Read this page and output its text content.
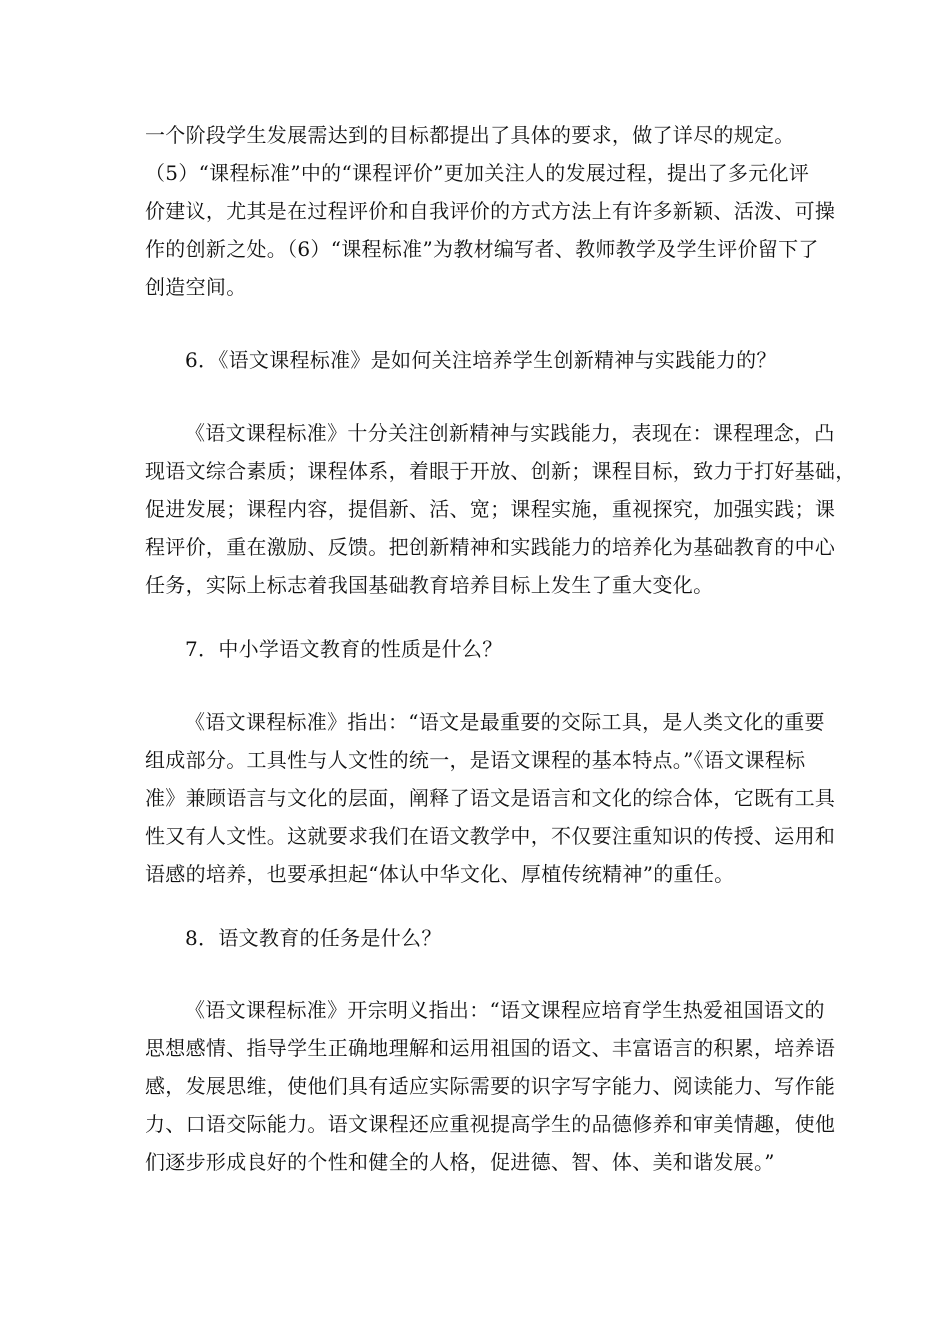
一个阶段学生发展需达到的目标都提出了具体的要求，做了详尽的规定。
（5）“课程标准”中的“课程评价”更加关注人的发展过程，提出了多元化评
价建议，尤其是在过程评价和自我评价的方式方法上有许多新颖、活泼、可操
作的创新之处。（6）“课程标准”为教材编写者、教师教学及学生评价留下了
创造空间。
6．《语文课程标准》是如何关注培养学生创新精神与实践能力的？
《语文课程标准》十分关注创新精神与实践能力，表现在：课程理念，凸
现语文综合素质；课程体系，着眼于开放、创新；课程目标，致力于打好基础，
促进发展；课程内容，提倡新、活、宽；课程实施，重视探究，加强实践；课
程评价，重在激励、反馈。把创新精神和实践能力的培养化为基础教育的中心
任务，实际上标志着我国基础教育培养目标上发生了重大变化。
7．中小学语文教育的性质是什么？
《语文课程标准》指出：“语文是最重要的交际工具，是人类文化的重要
组成部分。工具性与人文性的统一，是语文课程的基本特点。”《语文课程标
准》兼顾语言与文化的层面，阐释了语文是语言和文化的综合体，它既有工具
性又有人文性。这就要求我们在语文教学中，不仅要注重知识的传授、运用和
语感的培养，也要承担起“体认中华文化、厚植传统精神”的重任。
8．语文教育的任务是什么？
《语文课程标准》开宗明义指出：“语文课程应培育学生热爱祖国语文的
思想感情、指导学生正确地理解和运用祖国的语文、丰富语言的积累，培养语
感，发展思维，使他们具有适应实际需要的识字写字能力、阅读能力、写作能
力、口语交际能力。语文课程还应重视提高学生的品德修养和审美情趣，使他
们逐步形成良好的个性和健全的人格，促进德、智、体、美和谐发展。”
